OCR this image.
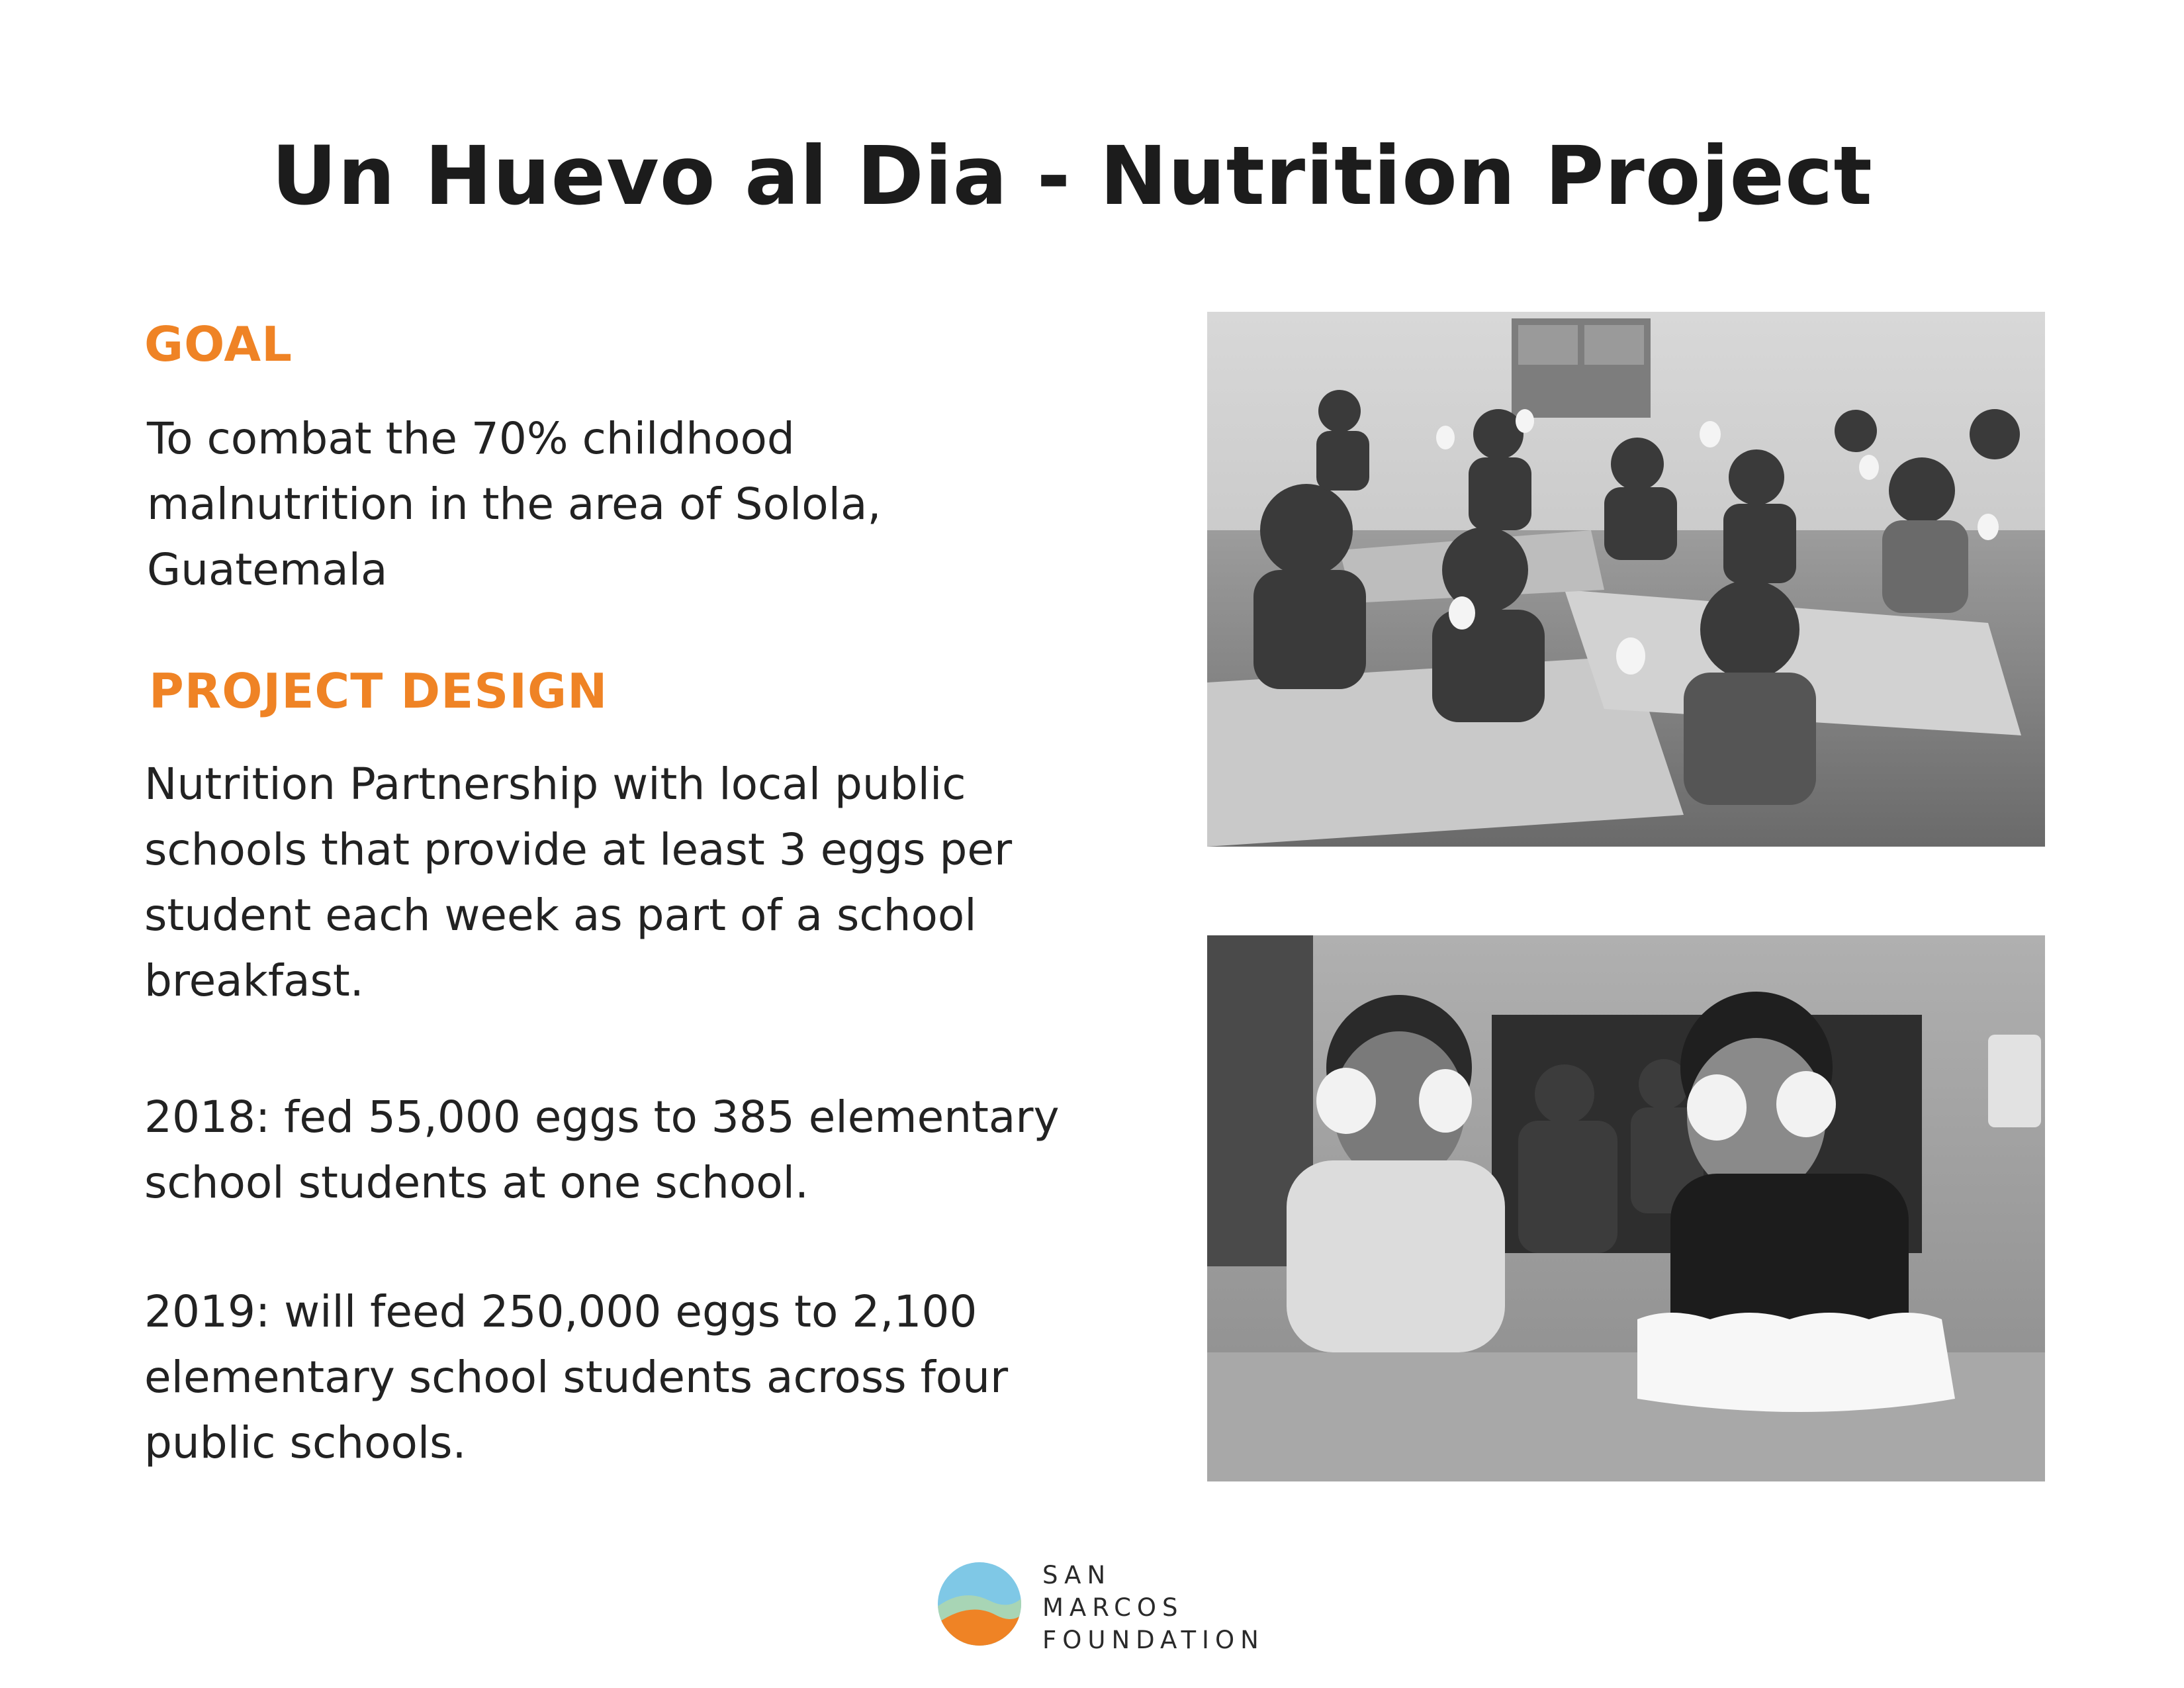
Un Huevo al Dia - Nutrition Project
GOAL
To combat the 70% childhood
malnutrition in the area of Solola,
Guatemala
PROJECT DESIGN
Nutrition Partnership with local public
schools that provide at least 3 eggs per
student each week as part of a school
breakfast.
2018: fed 55,000 eggs to 385 elementary
school students at one school.
2019: will feed 250,000 eggs to 2,100
elementary school students across four
public schools.
SAN
MARCOS
FOUNDATION
